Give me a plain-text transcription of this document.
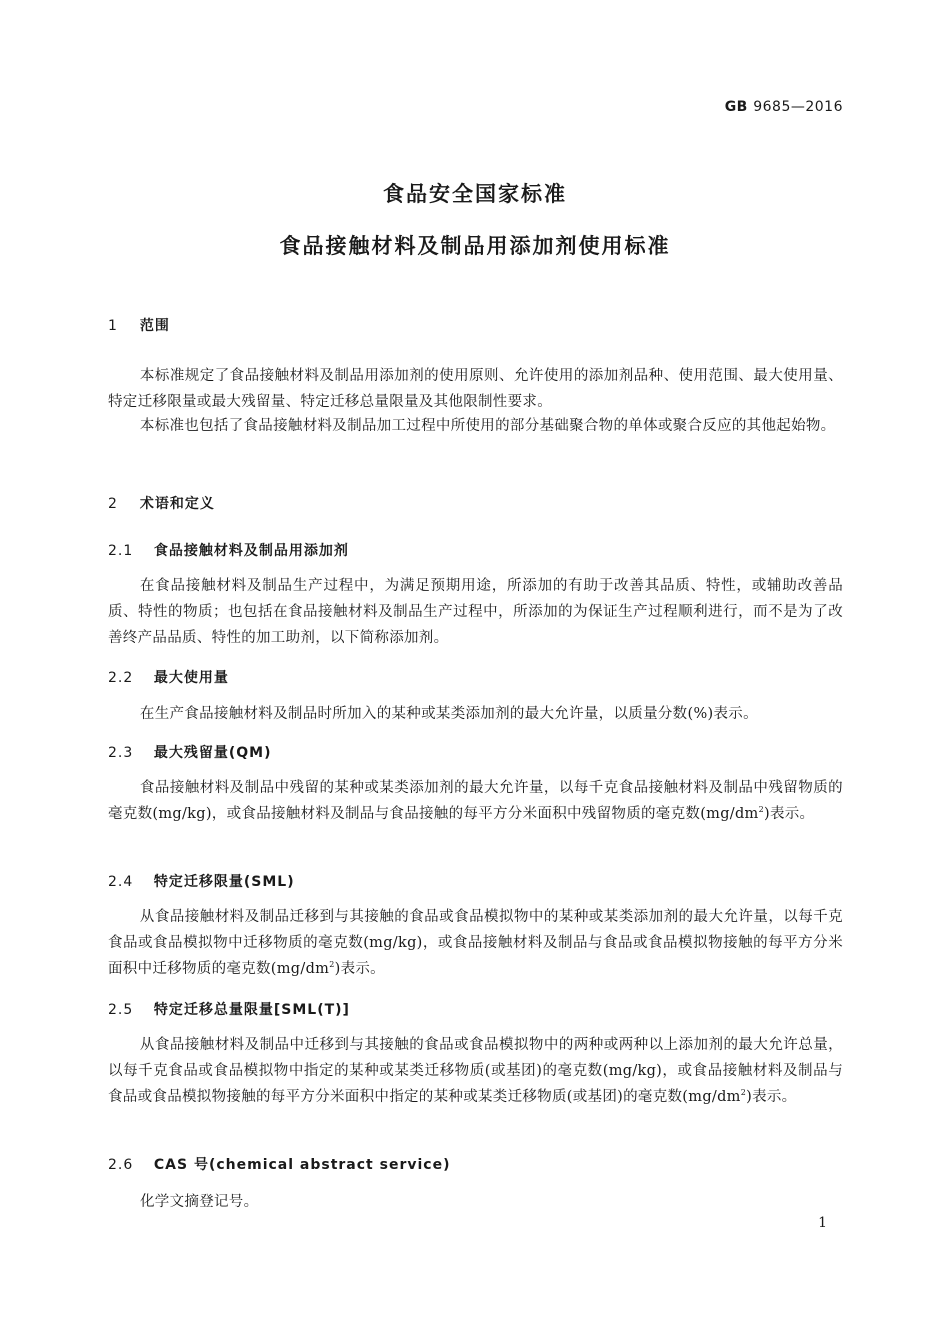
GB 9685—2016
食品安全国家标准
食品接触材料及制品用添加剂使用标准
1 范围
本标准规定了食品接触材料及制品用添加剂的使用原则、允许使用的添加剂品种、使用范围、最大使用量、特定迁移限量或最大残留量、特定迁移总量限量及其他限制性要求。
本标准也包括了食品接触材料及制品加工过程中所使用的部分基础聚合物的单体或聚合反应的其他起始物。
2 术语和定义
2.1 食品接触材料及制品用添加剂
在食品接触材料及制品生产过程中，为满足预期用途，所添加的有助于改善其品质、特性，或辅助改善品质、特性的物质；也包括在食品接触材料及制品生产过程中，所添加的为保证生产过程顺利进行，而不是为了改善终产品品质、特性的加工助剂，以下简称添加剂。
2.2 最大使用量
在生产食品接触材料及制品时所加入的某种或某类添加剂的最大允许量，以质量分数(%)表示。
2.3 最大残留量(QM)
食品接触材料及制品中残留的某种或某类添加剂的最大允许量，以每千克食品接触材料及制品中残留物质的毫克数(mg/kg)，或食品接触材料及制品与食品接触的每平方分米面积中残留物质的毫克数$(mg/dm^2)$表示。
2.4 特定迁移限量(SML)
从食品接触材料及制品迁移到与其接触的食品或食品模拟物中的某种或某类添加剂的最大允许量，以每千克食品或食品模拟物中迁移物质的毫克数(mg/kg)，或食品接触材料及制品与食品或食品模拟物接触的每平方分米面积中迁移物质的毫克数$(mg/dm^2)$表示。
2.5 特定迁移总量限量[SML(T)]
从食品接触材料及制品中迁移到与其接触的食品或食品模拟物中的两种或两种以上添加剂的最大允许总量，以每千克食品或食品模拟物中指定的某种或某类迁移物质(或基团)的毫克数(mg/kg)，或食品接触材料及制品与食品或食品模拟物接触的每平方分米面积中指定的某种或某类迁移物质(或基团)的毫克数$(mg/dm^2)$表示。
2.6 CAS 号(chemical abstract service)
化学文摘登记号。
1
